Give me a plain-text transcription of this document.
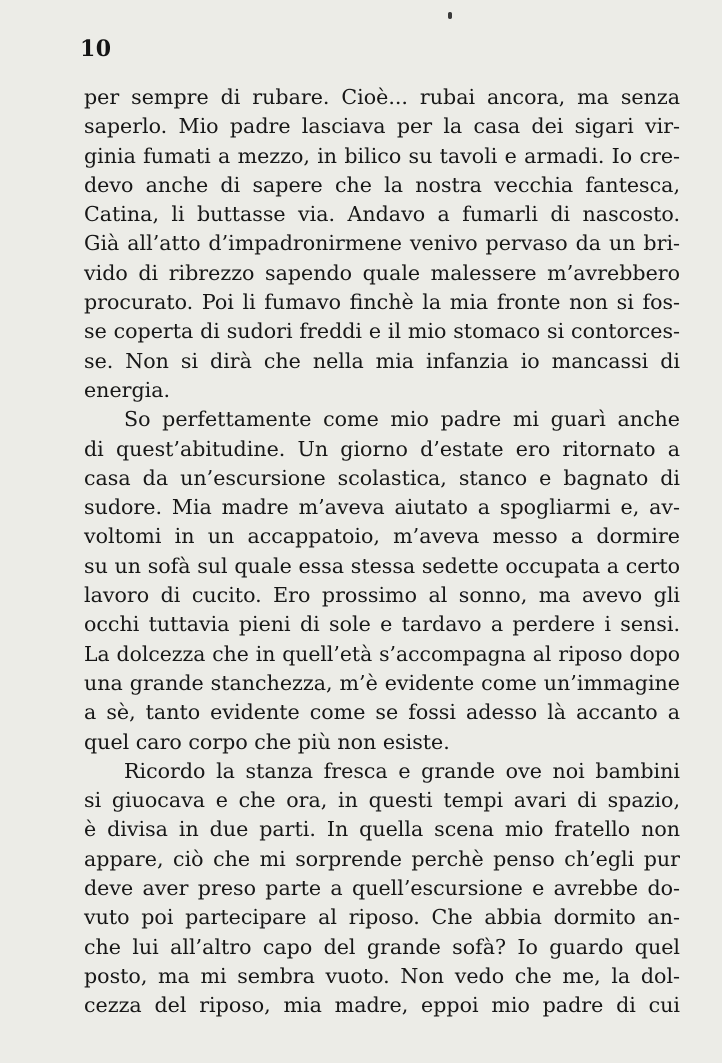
10
per sempre di rubare. Cioè... rubai ancora, ma senza
saperlo. Mio padre lasciava per la casa dei sigari vir-
ginia fumati a mezzo, in bilico su tavoli e armadi. Io cre-
devo anche di sapere che la nostra vecchia fantesca,
Catina, li buttasse via. Andavo a fumarli di nascosto.
Già all’atto d’impadronirmene venivo pervaso da un bri-
vido di ribrezzo sapendo quale malessere m’avrebbero
procurato. Poi li fumavo finchè la mia fronte non si fos-
se coperta di sudori freddi e il mio stomaco si contorces-
se. Non si dirà che nella mia infanzia io mancassi di
energia.
So perfettamente come mio padre mi guarì anche
di quest’abitudine. Un giorno d’estate ero ritornato a
casa da un’escursione scolastica, stanco e bagnato di
sudore. Mia madre m’aveva aiutato a spogliarmi e, av-
voltomi in un accappatoio, m’aveva messo a dormire
su un sofà sul quale essa stessa sedette occupata a certo
lavoro di cucito. Ero prossimo al sonno, ma avevo gli
occhi tuttavia pieni di sole e tardavo a perdere i sensi.
La dolcezza che in quell’età s’accompagna al riposo dopo
una grande stanchezza, m’è evidente come un’immagine
a sè, tanto evidente come se fossi adesso là accanto a
quel caro corpo che più non esiste.
Ricordo la stanza fresca e grande ove noi bambini
si giuocava e che ora, in questi tempi avari di spazio,
è divisa in due parti. In quella scena mio fratello non
appare, ciò che mi sorprende perchè penso ch’egli pur
deve aver preso parte a quell’escursione e avrebbe do-
vuto poi partecipare al riposo. Che abbia dormito an-
che lui all’altro capo del grande sofà? Io guardo quel
posto, ma mi sembra vuoto. Non vedo che me, la dol-
cezza del riposo, mia madre, eppoi mio padre di cui
